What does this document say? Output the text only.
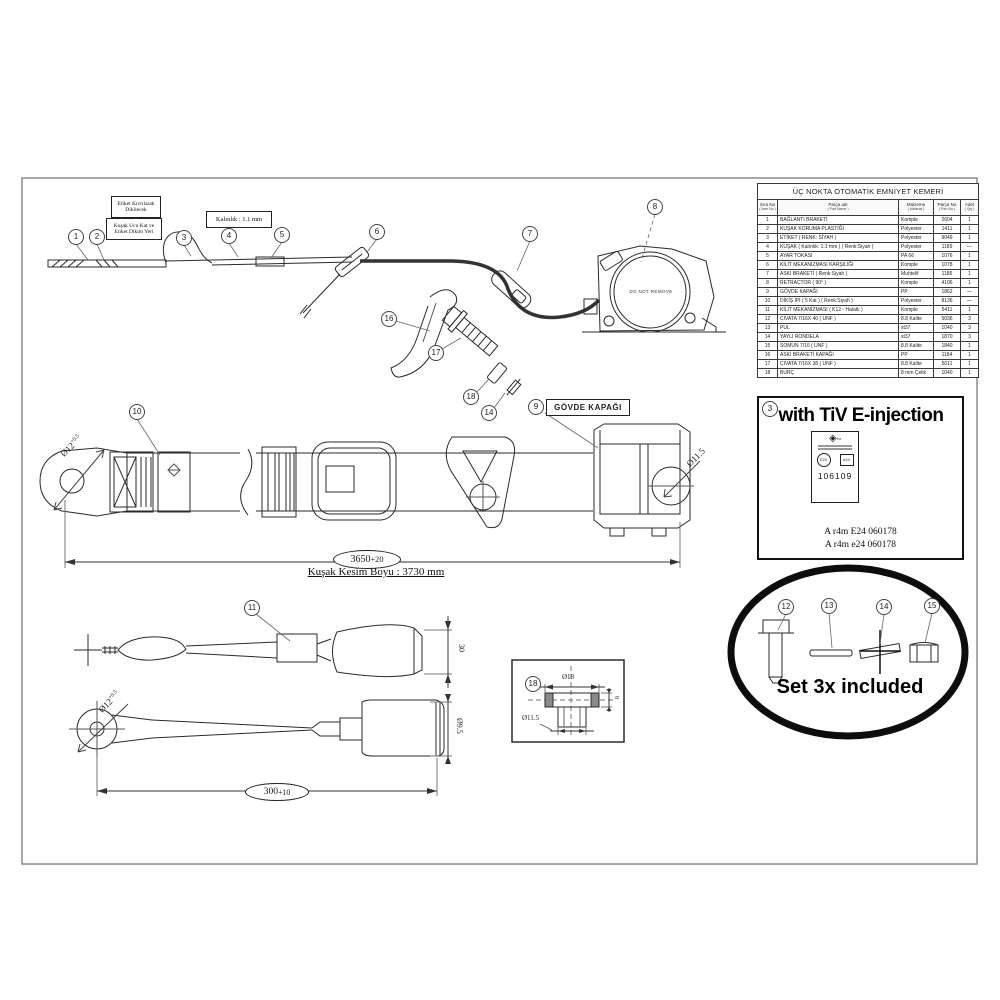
1	2	3	4	5	6	7
8
16
17
18
14
10
9
11
18
12	13	14	15
Etiket Kıvrılarak Dikilecek
Kuşak Ucu Kat ve Etiket Dikim Yeri
Kalınlık : 1.1 mm
DO NOT REMOVE
GÖVDE KAPAĞI
$Ø12^{+0.5}$
Ø11.5
3650 +20
Kuşak Kesim Boyu : 3730 mm
30
Ø9.5
$Ø12^{+0.5}$
300 +10
Ø18
Ø11.5
8
ÜÇ NOKTA OTOMATİK EMNİYET KEMERİ				
Sıra No
( İtem No )	Parça adı
( Part Name )	Malzeme
( Material )	Parça No
( Part No )	Adet
( Qty )

1	BAĞLANTI BRAKETİ	Komple	2604	1
2	KUŞAK KORUMA PLASTİĞİ	Polyester	1411	1
3	ETİKET ( RENK: SİYAH )	Polyester	9049	1
4	KUŞAK ( Kalınlık: 1.1 mm ) ( Renk:Siyah )	Polyester	1189	—
5	AYAR TOKASI	PA 66	1076	1
6	KİLİT MEKANİZMASI KARŞILIĞI	Komple	1078	1
7	ASKI BRAKETİ ( Renk:Siyah )	Muhtelif	1186	1
8	RETRACTOR ( 90° )	Komple	4106	1
9	GÖVDE KAPAĞI	PP	1862	—
10	DİKİŞ İPİ ( 5 Kat ) ( Renk:Siyah )	Polyester	8136	—
11	KİLİT MEKANİZMASI ( K12 - Halatlı )	Komple	5411	1
12	CIVATA 7/16X 40 ( UNF )	8.8 Kalite	5036	3
13	PUL	st37	1040	3
14	YAYLI RONDELA	st37	1870	3
15	SOMUN 7/16 ( UNF )	8.8 Kalite	1840	1
16	ASKI BRAKETİ KAPAĞI	PP	1184	1
17	CIVATA 7/16X 38 ( UNF )	8.8 Kalite	5011	1
18	BURÇ	8 mm Çelik	1040	1
3 with TiV E-injection
◈™
E24	e24
106109
A r4m E24 060178
A r4m e24 060178
Set 3x included
